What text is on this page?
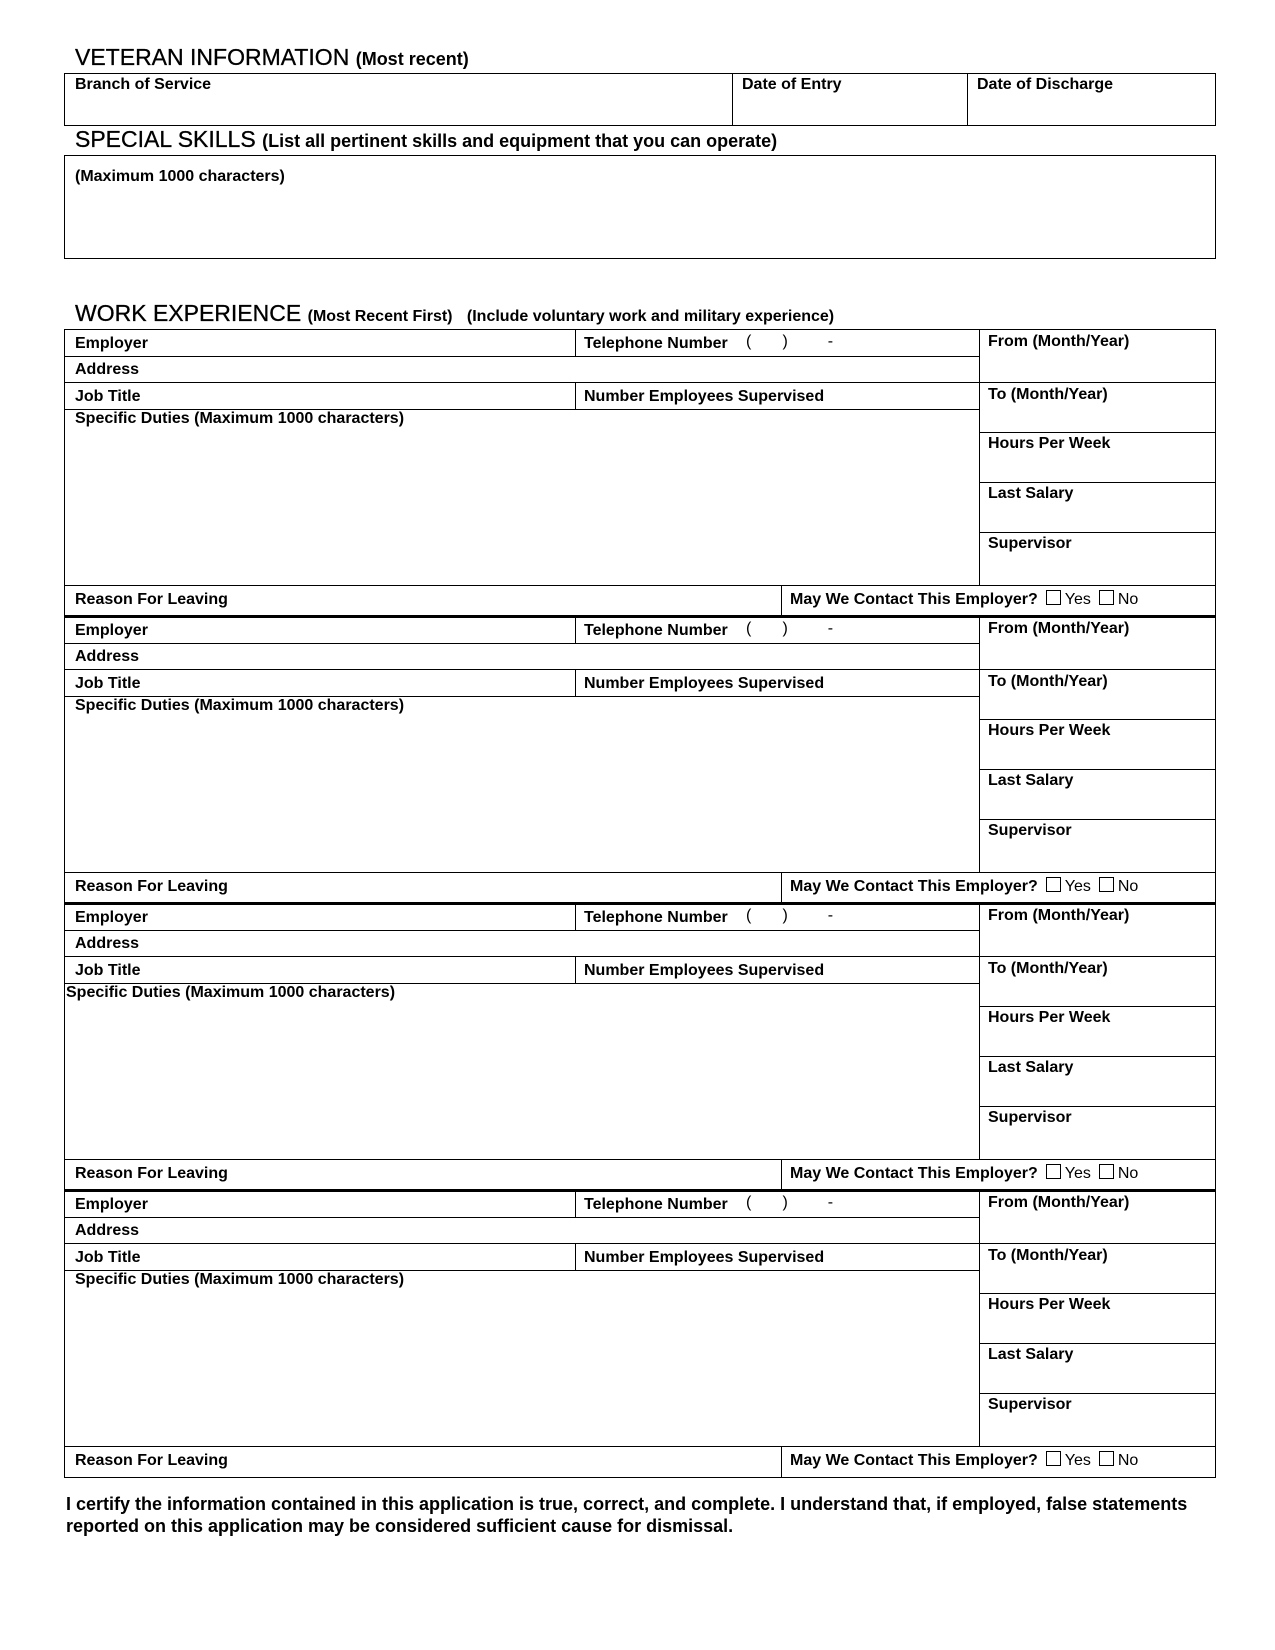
VETERAN INFORMATION (Most recent)
Branch of Service	Date of Entry	Date of Discharge
SPECIAL SKILLS (List all pertinent skills and equipment that you can operate)
(Maximum 1000 characters)
WORK EXPERIENCE (Most Recent First) (Include voluntary work and military experience)
Employer	Telephone Number (       )         -
Address
Job Title	Number Employees Supervised
Specific Duties (Maximum 1000 characters)
From (Month/Year)
To (Month/Year)
Hours Per Week
Last Salary
Supervisor
Reason For Leaving	May We Contact This Employer? Yes No
Employer	Telephone Number (       )         -
Address
Job Title	Number Employees Supervised
Specific Duties (Maximum 1000 characters)
From (Month/Year)
To (Month/Year)
Hours Per Week
Last Salary
Supervisor
Reason For Leaving	May We Contact This Employer? Yes No
Employer	Telephone Number (       )         -
Address
Job Title	Number Employees Supervised
Specific Duties (Maximum 1000 characters)
From (Month/Year)
To (Month/Year)
Hours Per Week
Last Salary
Supervisor
Reason For Leaving	May We Contact This Employer? Yes No
Employer	Telephone Number (       )         -
Address
Job Title	Number Employees Supervised
Specific Duties (Maximum 1000 characters)
From (Month/Year)
To (Month/Year)
Hours Per Week
Last Salary
Supervisor
Reason For Leaving	May We Contact This Employer? Yes No
I certify the information contained in this application is true, correct, and complete. I understand that, if employed, false statements reported on this application may be considered sufficient cause for dismissal.
